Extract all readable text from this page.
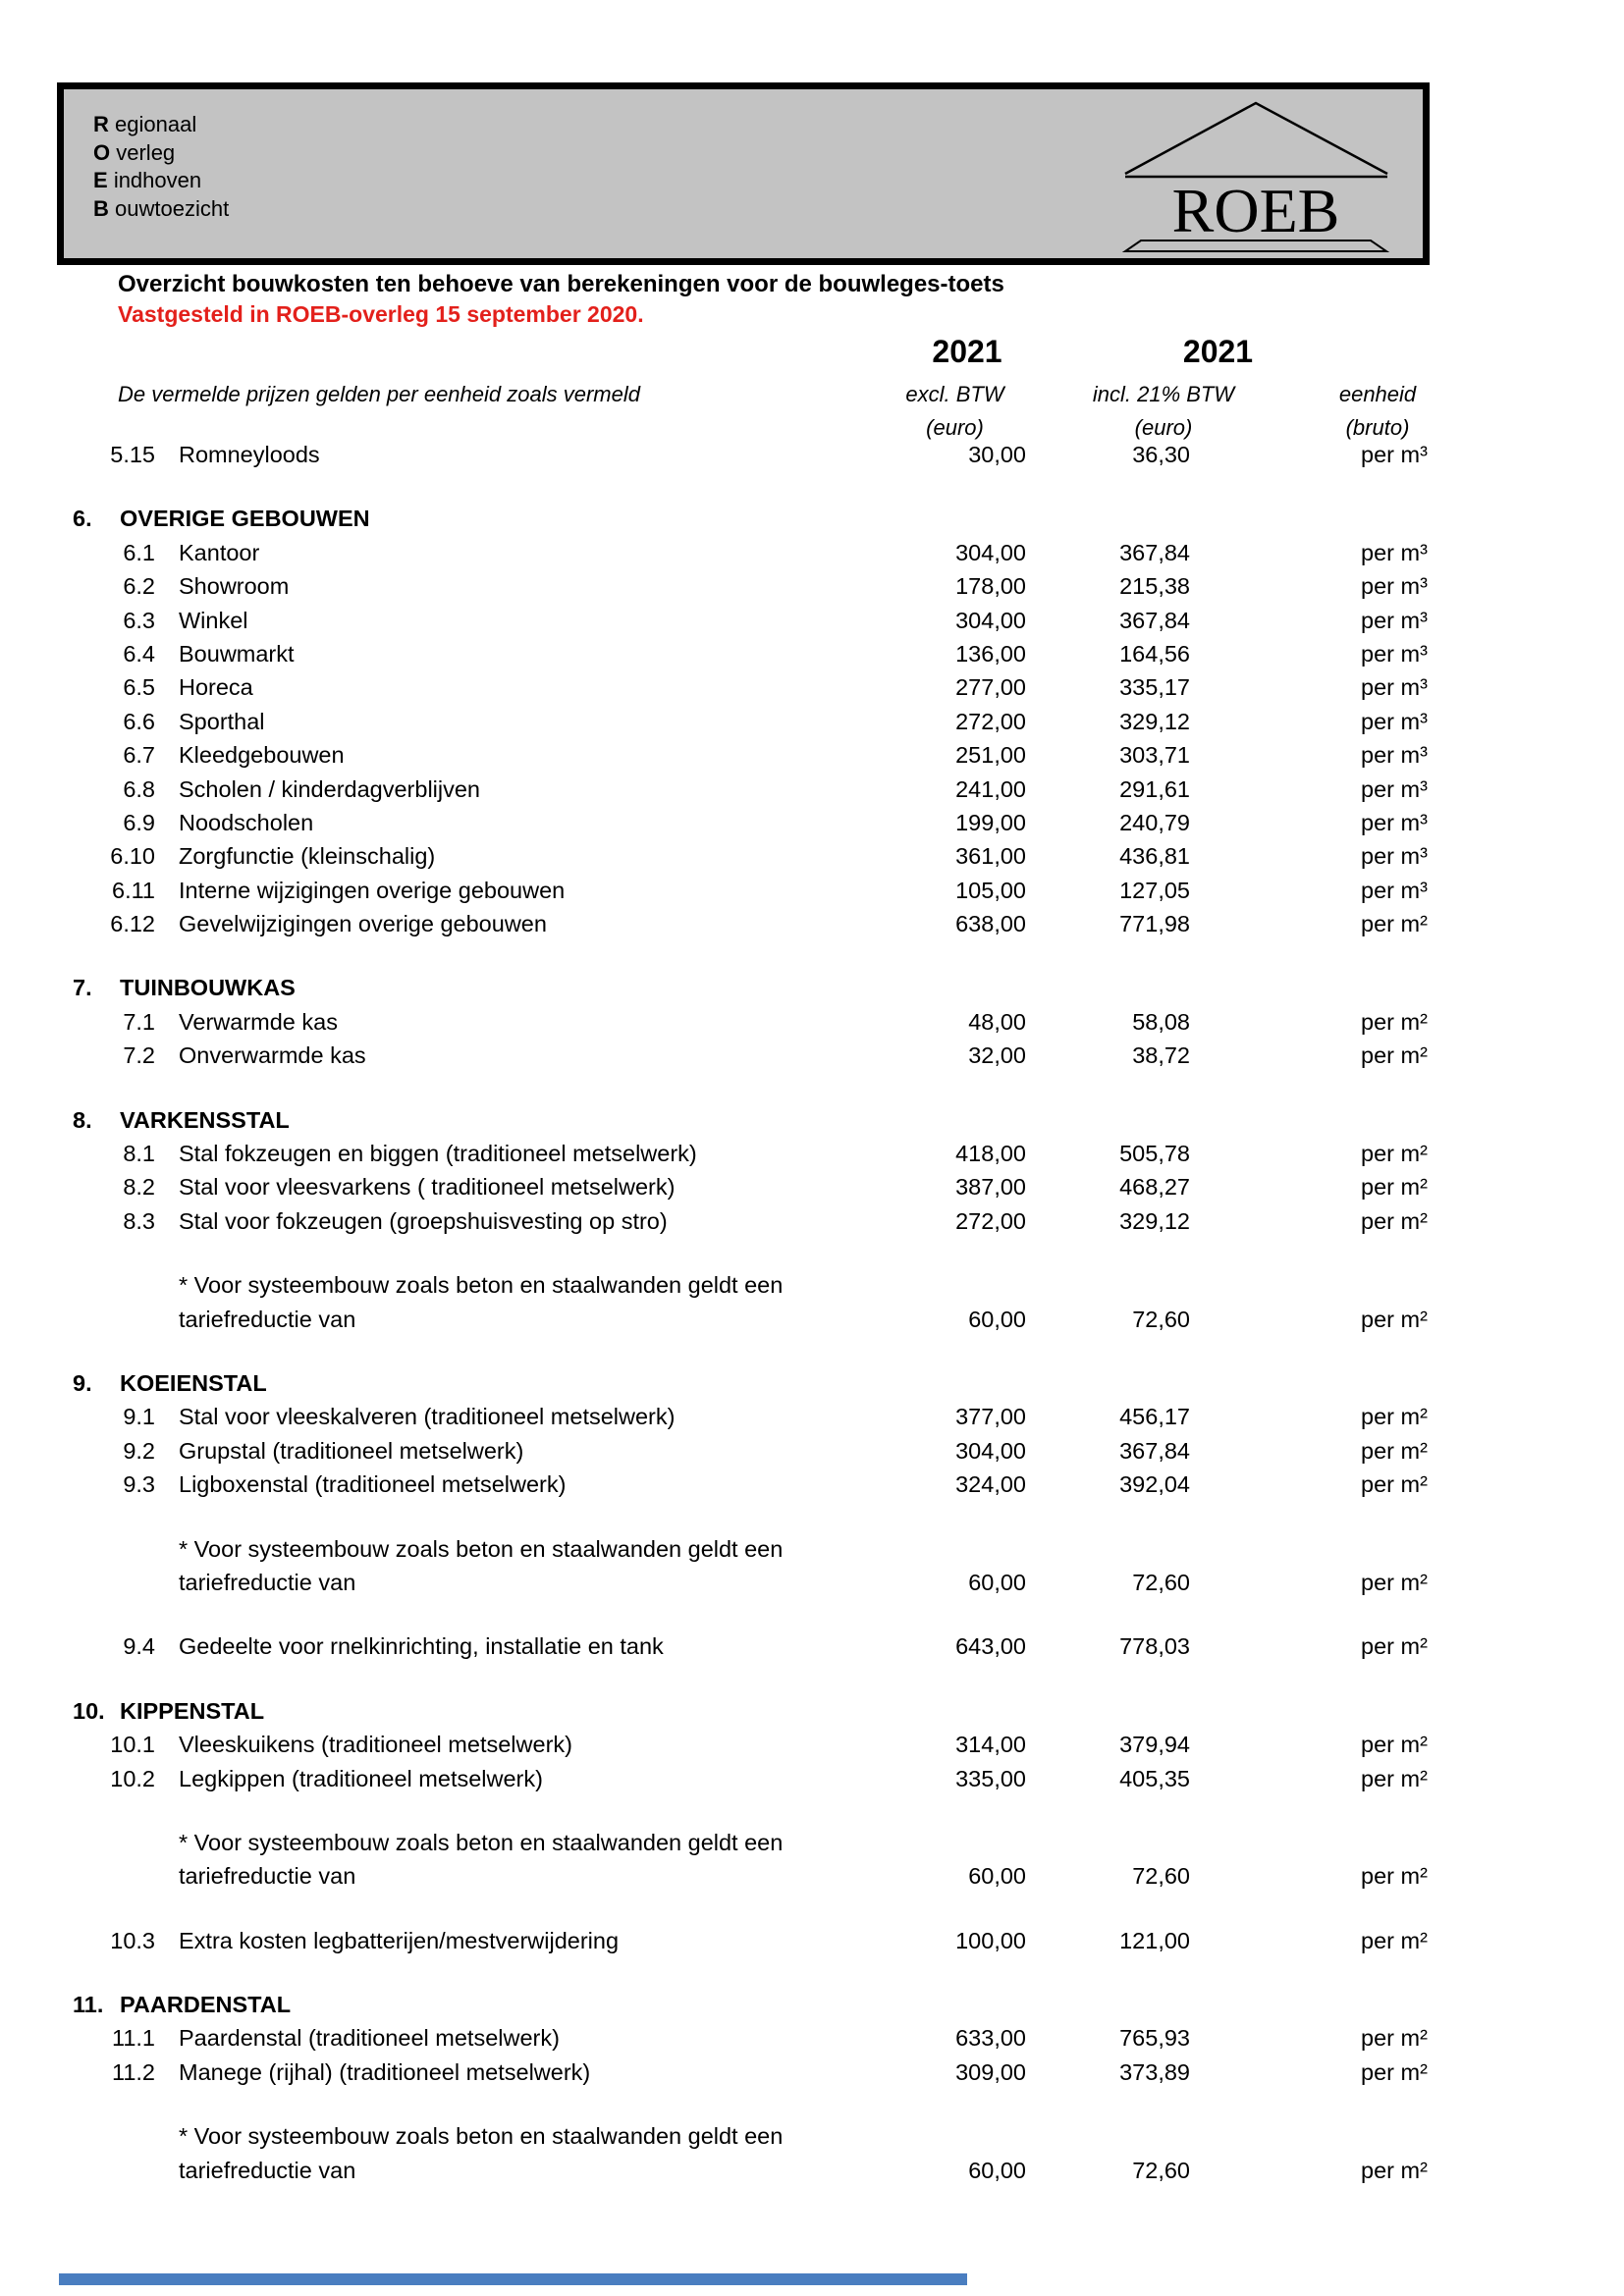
R egionaal
O verleg
E indhoven
B ouwtoezicht	ROEB
Overzicht bouwkosten ten behoeve van berekeningen voor de bouwleges-toets
Vastgesteld in ROEB-overleg 15 september 2020.
2021	2021
De vermelde prijzen gelden per eenheid zoals vermeld	excl. BTW	incl. 21% BTW	eenheid
(euro)	(euro)	(bruto)
5.15 Romneyloods	30,00	36,30	per m³
6.	OVERIGE GEBOUWEN
6.1 Kantoor	304,00	367,84	per m³
6.2 Showroom	178,00	215,38	per m³
6.3 Winkel	304,00	367,84	per m³
6.4 Bouwmarkt	136,00	164,56	per m³
6.5 Horeca	277,00	335,17	per m³
6.6 Sporthal	272,00	329,12	per m³
6.7 Kleedgebouwen	251,00	303,71	per m³
6.8 Scholen / kinderdagverblijven	241,00	291,61	per m³
6.9 Noodscholen	199,00	240,79	per m³
6.10 Zorgfunctie (kleinschalig)	361,00	436,81	per m³
6.11 Interne wijzigingen overige gebouwen	105,00	127,05	per m³
6.12 Gevelwijzigingen overige gebouwen	638,00	771,98	per m²
7.	TUINBOUWKAS
7.1 Verwarmde kas	48,00	58,08	per m²
7.2 Onverwarmde kas	32,00	38,72	per m²
8.	VARKENSSTAL
8.1 Stal fokzeugen en biggen (traditioneel metselwerk)	418,00	505,78	per m²
8.2 Stal voor vleesvarkens ( traditioneel metselwerk)	387,00	468,27	per m²
8.3 Stal voor fokzeugen (groepshuisvesting op stro)	272,00	329,12	per m²
* Voor systeembouw zoals beton en staalwanden geldt een
tariefreductie van	60,00	72,60	per m²
9.	KOEIENSTAL
9.1 Stal voor vleeskalveren (traditioneel metselwerk)	377,00	456,17	per m²
9.2 Grupstal (traditioneel metselwerk)	304,00	367,84	per m²
9.3 Ligboxenstal (traditioneel metselwerk)	324,00	392,04	per m²
* Voor systeembouw zoals beton en staalwanden geldt een
tariefreductie van	60,00	72,60	per m²
9.4 Gedeelte voor rnelkinrichting, installatie en tank	643,00	778,03	per m²
10. KIPPENSTAL
10.1 Vleeskuikens (traditioneel metselwerk)	314,00	379,94	per m²
10.2 Legkippen (traditioneel metselwerk)	335,00	405,35	per m²
* Voor systeembouw zoals beton en staalwanden geldt een
tariefreductie van	60,00	72,60	per m²
10.3 Extra kosten legbatterijen/mestverwijdering	100,00	121,00	per m²
11. PAARDENSTAL
11.1 Paardenstal (traditioneel metselwerk)	633,00	765,93	per m²
11.2 Manege (rijhal) (traditioneel metselwerk)	309,00	373,89	per m²
* Voor systeembouw zoals beton en staalwanden geldt een
tariefreductie van	60,00	72,60	per m²
